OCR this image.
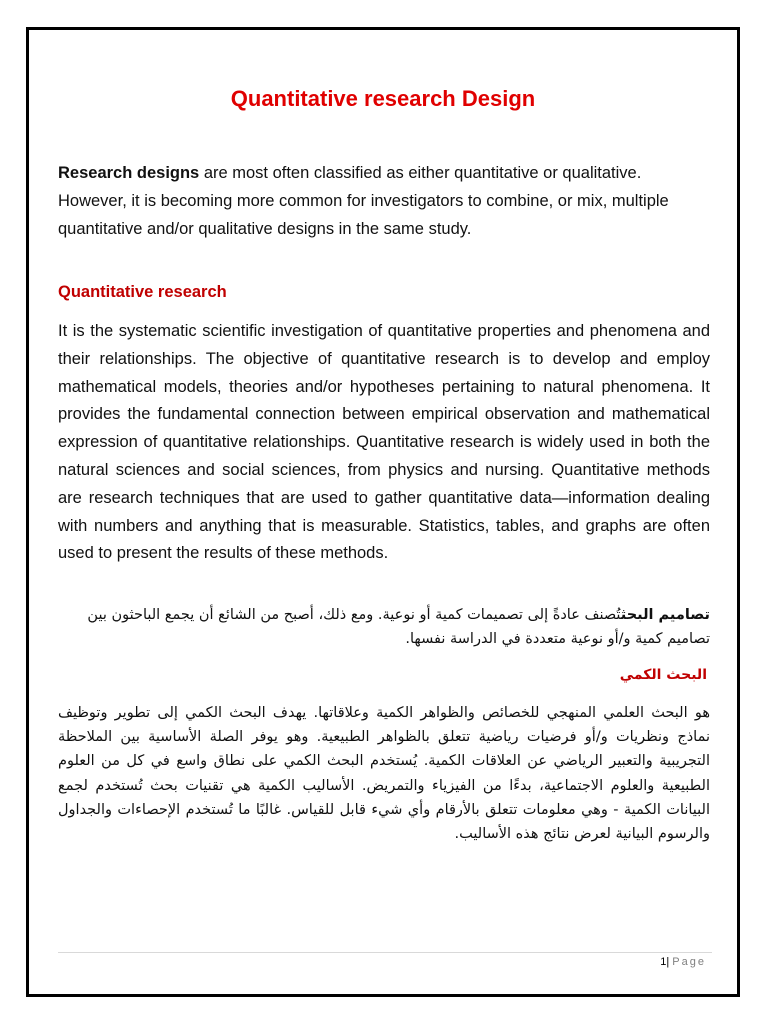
Quantitative research Design

Research designs are most often classified as either quantitative or qualitative. However, it is becoming more common for investigators to combine, or mix, multiple quantitative and/or qualitative designs in the same study.

Quantitative research

It is the systematic scientific investigation of quantitative properties and phenomena and their relationships. The objective of quantitative research is to develop and employ mathematical models, theories and/or hypotheses pertaining to natural phenomena. It provides the fundamental connection between empirical observation and mathematical expression of quantitative relationships. Quantitative research is widely used in both the natural sciences and social sciences, from physics and nursing. Quantitative methods are research techniques that are used to gather quantitative data—information dealing with numbers and anything that is measurable. Statistics, tables, and graphs are often used to present the results of these methods.

تصاميم البحثتُصنف عادةً إلى تصميمات كمية أو نوعية. ومع ذلك، أصبح من الشائع أن يجمع الباحثون بين تصاميم كمية و/أو نوعية متعددة في الدراسة نفسها.

البحث الكمي

هو البحث العلمي المنهجي للخصائص والظواهر الكمية وعلاقاتها. يهدف البحث الكمي إلى تطوير وتوظيف نماذج ونظريات و/أو فرضيات رياضية تتعلق بالظواهر الطبيعية. وهو يوفر الصلة الأساسية بين الملاحظة التجريبية والتعبير الرياضي عن العلاقات الكمية. يُستخدم البحث الكمي على نطاق واسع في كل من العلوم الطبيعية والعلوم الاجتماعية، بدءًا من الفيزياء والتمريض. الأساليب الكمية هي تقنيات بحث تُستخدم لجمع البيانات الكمية - وهي معلومات تتعلق بالأرقام وأي شيء قابل للقياس. غالبًا ما تُستخدم الإحصاءات والجداول والرسوم البيانية لعرض نتائج هذه الأساليب.

1| Page
